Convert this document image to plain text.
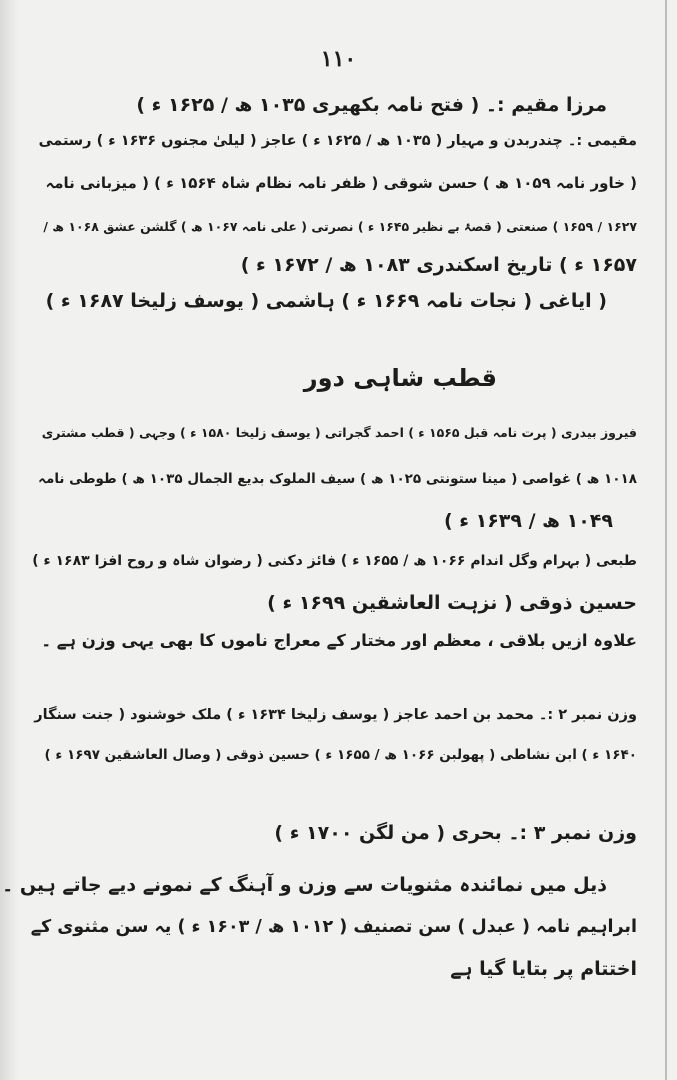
۱۱۰
مرزا مقیم :۔ ( فتح نامہ بکھیری ۱۰۳۵ ھ / ۱۶۲۵ ء )
مقیمی :۔ چندربدن و مہیار ( ۱۰۳۵ ھ / ۱۶۲۵ ء ) عاجز ( لیلیٰ مجنوں ۱۶۳۶ ء ) رستمی
( خاور نامہ ۱۰۵۹ ھ ) حسن شوقی ( ظفر نامہ نظام شاہ ۱۵۶۴ ء ) ( میزبانی نامہ
۱۶۲۷ / ۱۶۵۹ ) صنعتی ( قصۂ بے نظیر ۱۶۴۵ ء ) نصرتی ( علی نامہ ۱۰۶۷ ھ ) گلشن عشق ۱۰۶۸ ھ /
۱۶۵۷ ء ) تاریخ اسکندری ۱۰۸۳ ھ / ۱۶۷۲ ء )
( ایاغی ( نجات نامہ ۱۶۶۹ ء ) ہاشمی ( یوسف زلیخا ۱۶۸۷ ء )
قطب شاہی دور
فیروز بیدری ( پرت نامہ قبل ۱۵۶۵ ء ) احمد گجراتی ( یوسف زلیخا ۱۵۸۰ ء ) وجہی ( قطب مشتری
۱۰۱۸ ھ ) غواصی ( مینا ستونتی ۱۰۲۵ ھ ) سیف الملوک بدیع الجمال ۱۰۳۵ ھ ) طوطی نامہ
۱۰۴۹ ھ / ۱۶۳۹ ء )
طبعی ( بہرام وگل اندام ۱۰۶۶ ھ / ۱۶۵۵ ء ) فائز دکنی ( رضوان شاہ و روح افزا ۱۶۸۳ ء )
حسین ذوقی ( نزہت العاشقین ۱۶۹۹ ء )
علاوہ ازیں بلاقی ، معظم اور مختار کے معراج ناموں کا بھی یہی وزن ہے ۔
وزن نمبر ۲ :۔ محمد بن احمد عاجز ( یوسف زلیخا ۱۶۳۴ ء ) ملک خوشنود ( جنت سنگار
۱۶۴۰ ء ) ابن نشاطی ( پھولبن ۱۰۶۶ ھ / ۱۶۵۵ ء ) حسین ذوقی ( وصال العاشقین ۱۶۹۷ ء )
وزن نمبر ۳ :۔ بحری ( من لگن ۱۷۰۰ ء )
ذیل میں نمائندہ مثنویات سے وزن و آہنگ کے نمونے دیے جاتے ہیں ۔
ابراہیم نامہ ( عبدل ) سن تصنیف ( ۱۰۱۲ ھ / ۱۶۰۳ ء ) یہ سن مثنوی کے
اختتام پر بتایا گیا ہے
